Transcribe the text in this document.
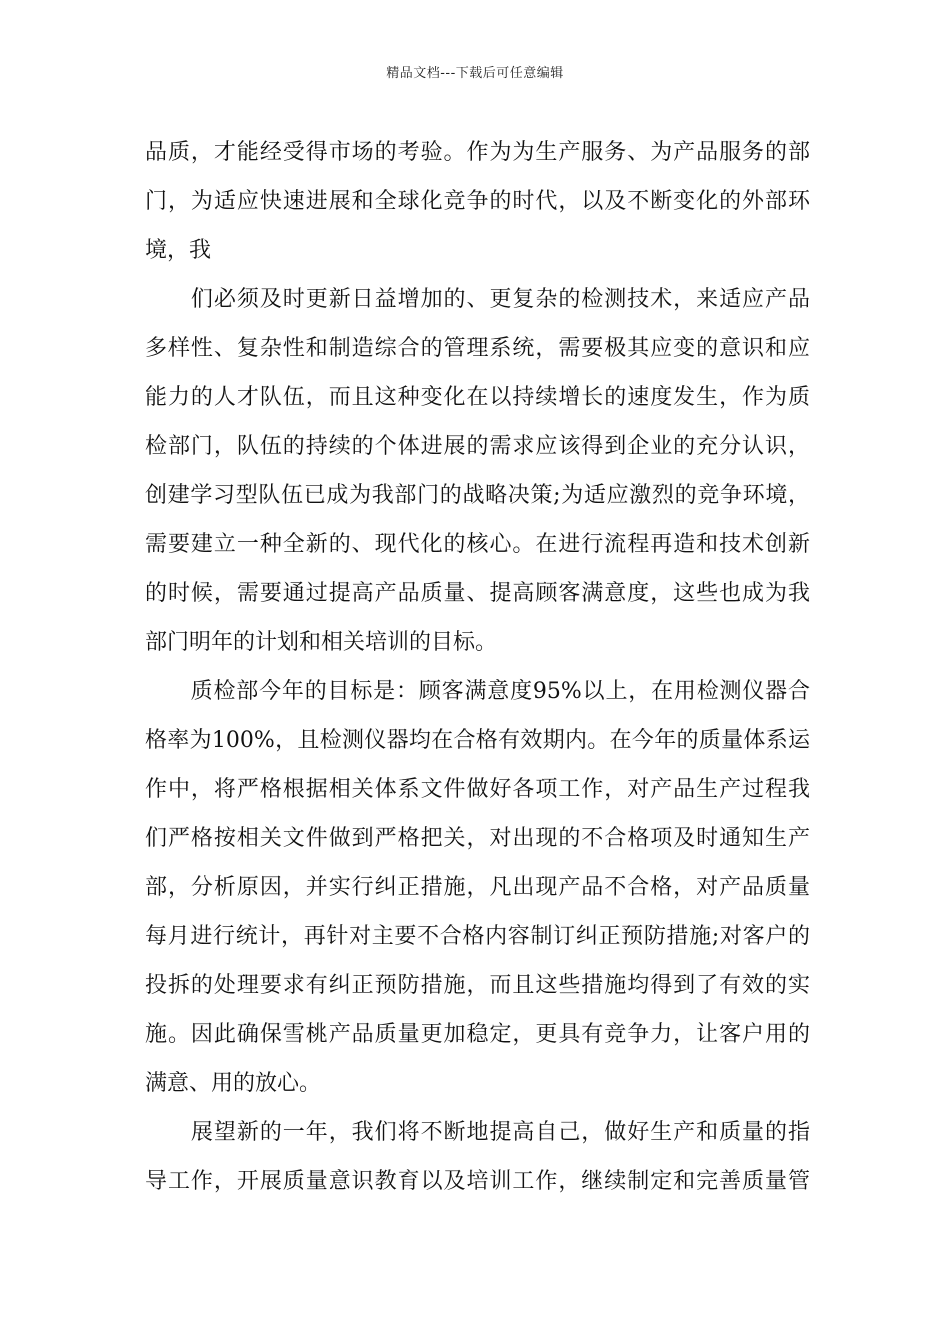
精品文档---下载后可任意编辑
品质，才能经受得市场的考验。作为为生产服务、为产品服务的部
门，为适应快速进展和全球化竞争的时代，以及不断变化的外部环
境，我
　　们必须及时更新日益增加的、更复杂的检测技术，来适应产品
多样性、复杂性和制造综合的管理系统，需要极其应变的意识和应
能力的人才队伍，而且这种变化在以持续增长的速度发生，作为质
检部门，队伍的持续的个体进展的需求应该得到企业的充分认识，
创建学习型队伍已成为我部门的战略决策;为适应激烈的竞争环境，
需要建立一种全新的、现代化的核心。在进行流程再造和技术创新
的时候，需要通过提高产品质量、提高顾客满意度，这些也成为我
部门明年的计划和相关培训的目标。
　　质检部今年的目标是：顾客满意度95%以上，在用检测仪器合
格率为100%，且检测仪器均在合格有效期内。在今年的质量体系运
作中，将严格根据相关体系文件做好各项工作，对产品生产过程我
们严格按相关文件做到严格把关，对出现的不合格项及时通知生产
部，分析原因，并实行纠正措施，凡出现产品不合格，对产品质量
每月进行统计，再针对主要不合格内容制订纠正预防措施;对客户的
投拆的处理要求有纠正预防措施，而且这些措施均得到了有效的实
施。因此确保雪桃产品质量更加稳定，更具有竞争力，让客户用的
满意、用的放心。
　　展望新的一年，我们将不断地提高自己，做好生产和质量的指
导工作，开展质量意识教育以及培训工作，继续制定和完善质量管
